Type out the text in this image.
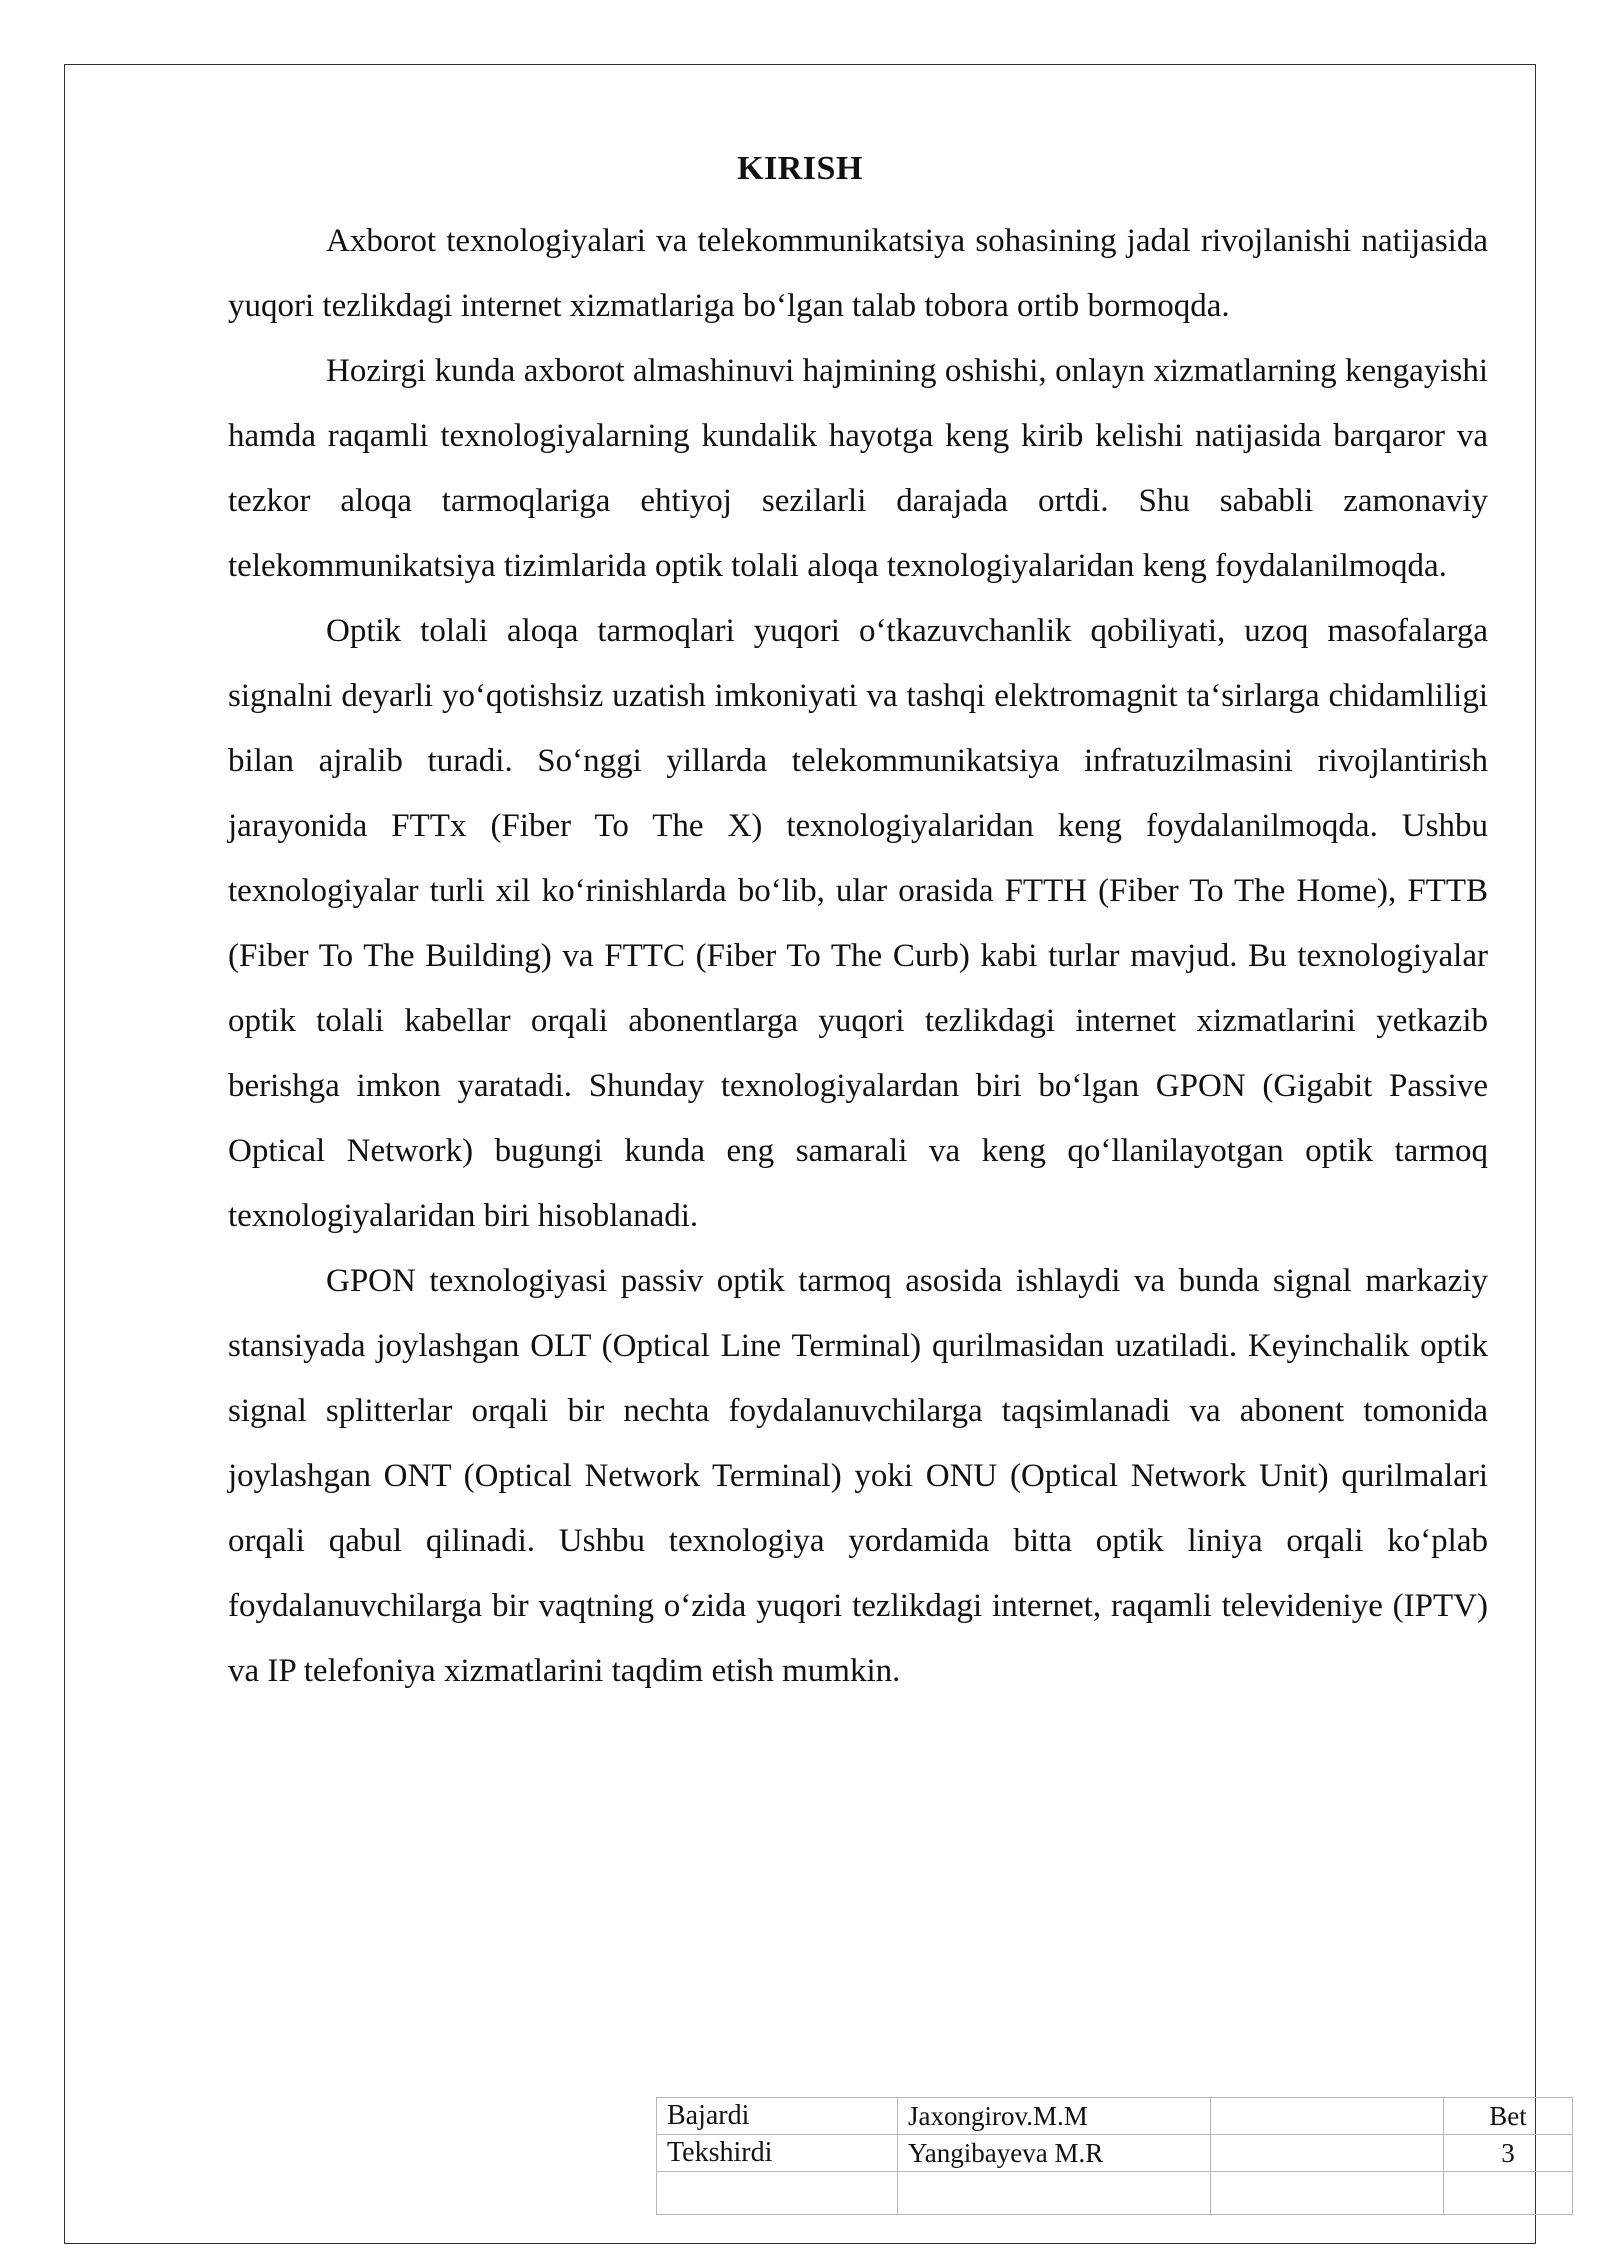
KIRISH

Axborot texnologiyalari va telekommunikatsiya sohasining jadal rivojlanishi natijasida yuqori tezlikdagi internet xizmatlariga bo‘lgan talab tobora ortib bormoqda.

Hozirgi kunda axborot almashinuvi hajmining oshishi, onlayn xizmatlarning kengayishi hamda raqamli texnologiyalarning kundalik hayotga keng kirib kelishi natijasida barqaror va tezkor aloqa tarmoqlariga ehtiyoj sezilarli darajada ortdi. Shu sababli zamonaviy telekommunikatsiya tizimlarida optik tolali aloqa texnologiyalaridan keng foydalanilmoqda.

Optik tolali aloqa tarmoqlari yuqori o‘tkazuvchanlik qobiliyati, uzoq masofalarga signalni deyarli yo‘qotishsiz uzatish imkoniyati va tashqi elektromagnit ta‘sirlarga chidamliligi bilan ajralib turadi. So‘nggi yillarda telekommunikatsiya infratuzilmasini rivojlantirish jarayonida FTTx (Fiber To The X) texnologiyalaridan keng foydalanilmoqda. Ushbu texnologiyalar turli xil ko‘rinishlarda bo‘lib, ular orasida FTTH (Fiber To The Home), FTTB (Fiber To The Building) va FTTC (Fiber To The Curb) kabi turlar mavjud. Bu texnologiyalar optik tolali kabellar orqali abonentlarga yuqori tezlikdagi internet xizmatlarini yetkazib berishga imkon yaratadi. Shunday texnologiyalardan biri bo‘lgan GPON (Gigabit Passive Optical Network) bugungi kunda eng samarali va keng qo‘llanilayotgan optik tarmoq texnologiyalaridan biri hisoblanadi.

GPON texnologiyasi passiv optik tarmoq asosida ishlaydi va bunda signal markaziy stansiyada joylashgan OLT (Optical Line Terminal) qurilmasidan uzatiladi. Keyinchalik optik signal splitterlar orqali bir nechta foydalanuvchilarga taqsimlanadi va abonent tomonida joylashgan ONT (Optical Network Terminal) yoki ONU (Optical Network Unit) qurilmalari orqali qabul qilinadi. Ushbu texnologiya yordamida bitta optik liniya orqali ko‘plab foydalanuvchilarga bir vaqtning o‘zida yuqori tezlikdagi internet, raqamli televideniye (IPTV) va IP telefoniya xizmatlarini taqdim etish mumkin.

Bajardi	Jaxongirov.M.M		Bet
Tekshirdi	Yangibayeva M.R		3
